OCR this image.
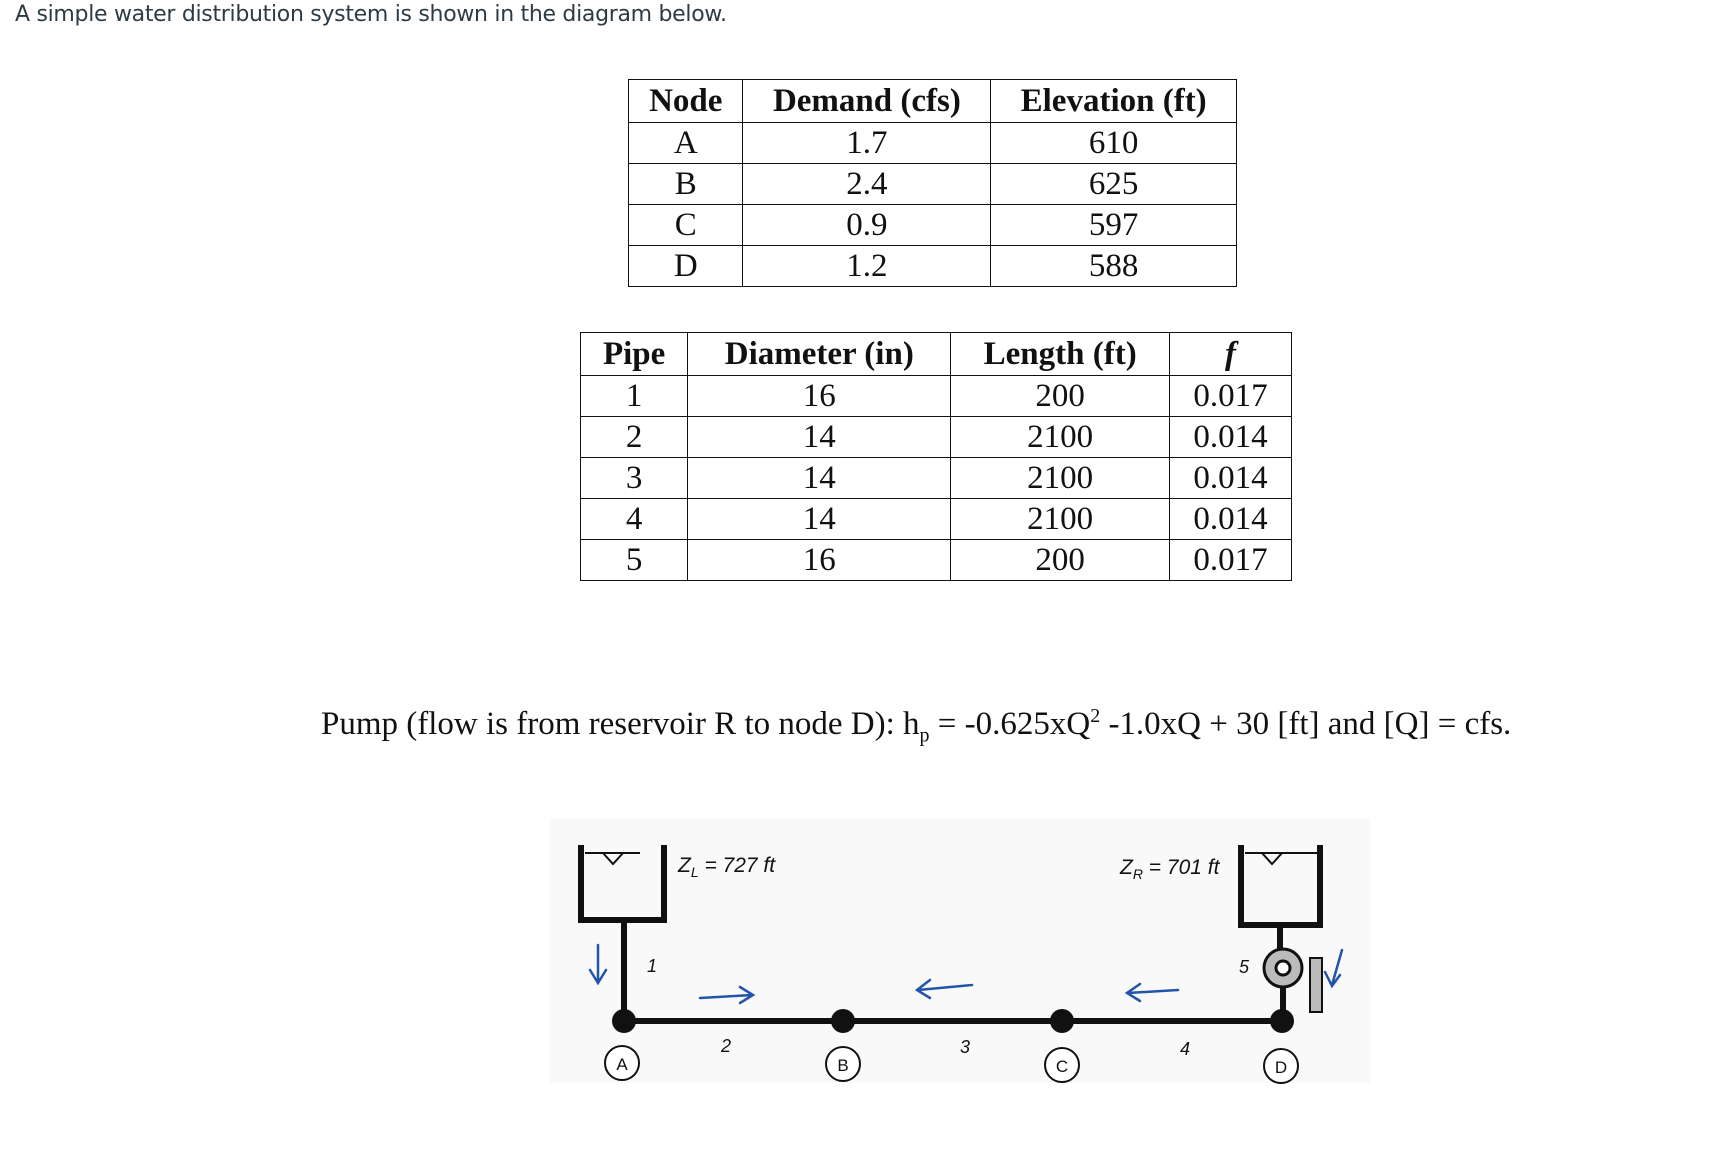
A simple water distribution system is shown in the diagram below.
Node	Demand (cfs)	Elevation (ft)
A	1.7	610
B	2.4	625
C	0.9	597
D	1.2	588
Pipe	Diameter (in)	Length (ft)	f
1	16	200	0.017
2	14	2100	0.014
3	14	2100	0.014
4	14	2100	0.014
5	16	200	0.017
Pump (flow is from reservoir R to node D): $h_p = -0.625xQ^2$ -1.0xQ + 30 [ft] and [Q] = cfs.
$Z_L = 727$ ft	$Z_R = 701$ ft
A	B	C	D
1
2	3	4
5
